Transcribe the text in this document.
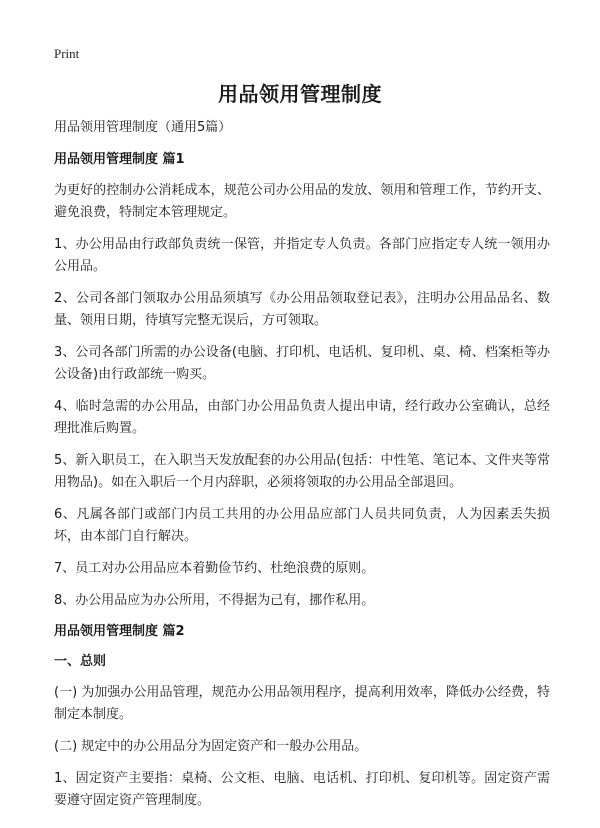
Print
用品领用管理制度

用品领用管理制度（通用5篇）

用品领用管理制度 篇1

为更好的控制办公消耗成本，规范公司办公用品的发放、领用和管理工作，节约开支、避免浪费，特制定本管理规定。

1、办公用品由行政部负责统一保管，并指定专人负责。各部门应指定专人统一领用办公用品。

2、公司各部门领取办公用品须填写《办公用品领取登记表》，注明办公用品品名、数量、领用日期，待填写完整无误后，方可领取。

3、公司各部门所需的办公设备(电脑、打印机、电话机、复印机、桌、椅、档案柜等办公设备)由行政部统一购买。

4、临时急需的办公用品，由部门办公用品负责人提出申请，经行政办公室确认，总经理批准后购置。

5、新入职员工，在入职当天发放配套的办公用品(包括：中性笔、笔记本、文件夹等常用物品)。如在入职后一个月内辞职，必须将领取的办公用品全部退回。

6、凡属各部门或部门内员工共用的办公用品应部门人员共同负责，人为因素丢失损坏，由本部门自行解决。

7、员工对办公用品应本着勤俭节约、杜绝浪费的原则。

8、办公用品应为办公所用，不得据为己有，挪作私用。

用品领用管理制度 篇2

一、总则

(一) 为加强办公用品管理，规范办公用品领用程序，提高利用效率，降低办公经费，特制定本制度。

(二) 规定中的办公用品分为固定资产和一般办公用品。

1、固定资产主要指：桌椅、公文柜、电脑、电话机、打印机、复印机等。固定资产需要遵守固定资产管理制度。
